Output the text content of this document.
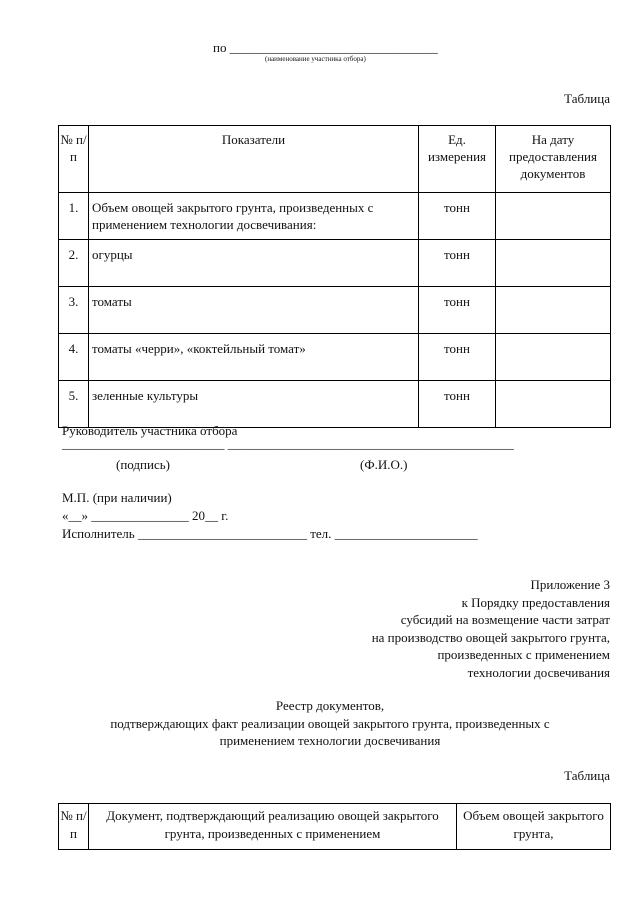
по ________________________________
(наименование участника отбора)
Таблица
№ п/п	Показатели	Ед. измерения	На дату предоставления документов
1.	Объем овощей закрытого грунта, произведенных с применением технологии досвечивания:	тонн	
2.	огурцы	тонн	
3.	томаты	тонн	
4.	томаты «черри», «коктейльный томат»	тонн	
5.	зеленные культуры	тонн	
Руководитель участника отбора
_________________________ ____________________________________________
(подпись)	(Ф.И.О.)
М.П. (при наличии)
«__» _______________ 20__ г.
Исполнитель __________________________ тел. ______________________
Приложение 3
к Порядку предоставления
субсидий на возмещение части затрат
на производство овощей закрытого грунта,
произведенных с применением
технологии досвечивания
Реестр документов,
подтверждающих факт реализации овощей закрытого грунта, произведенных с
применением технологии досвечивания
Таблица
№ п/п	Документ, подтверждающий реализацию овощей закрытого грунта, произведенных с применением	Объем овощей закрытого грунта,
